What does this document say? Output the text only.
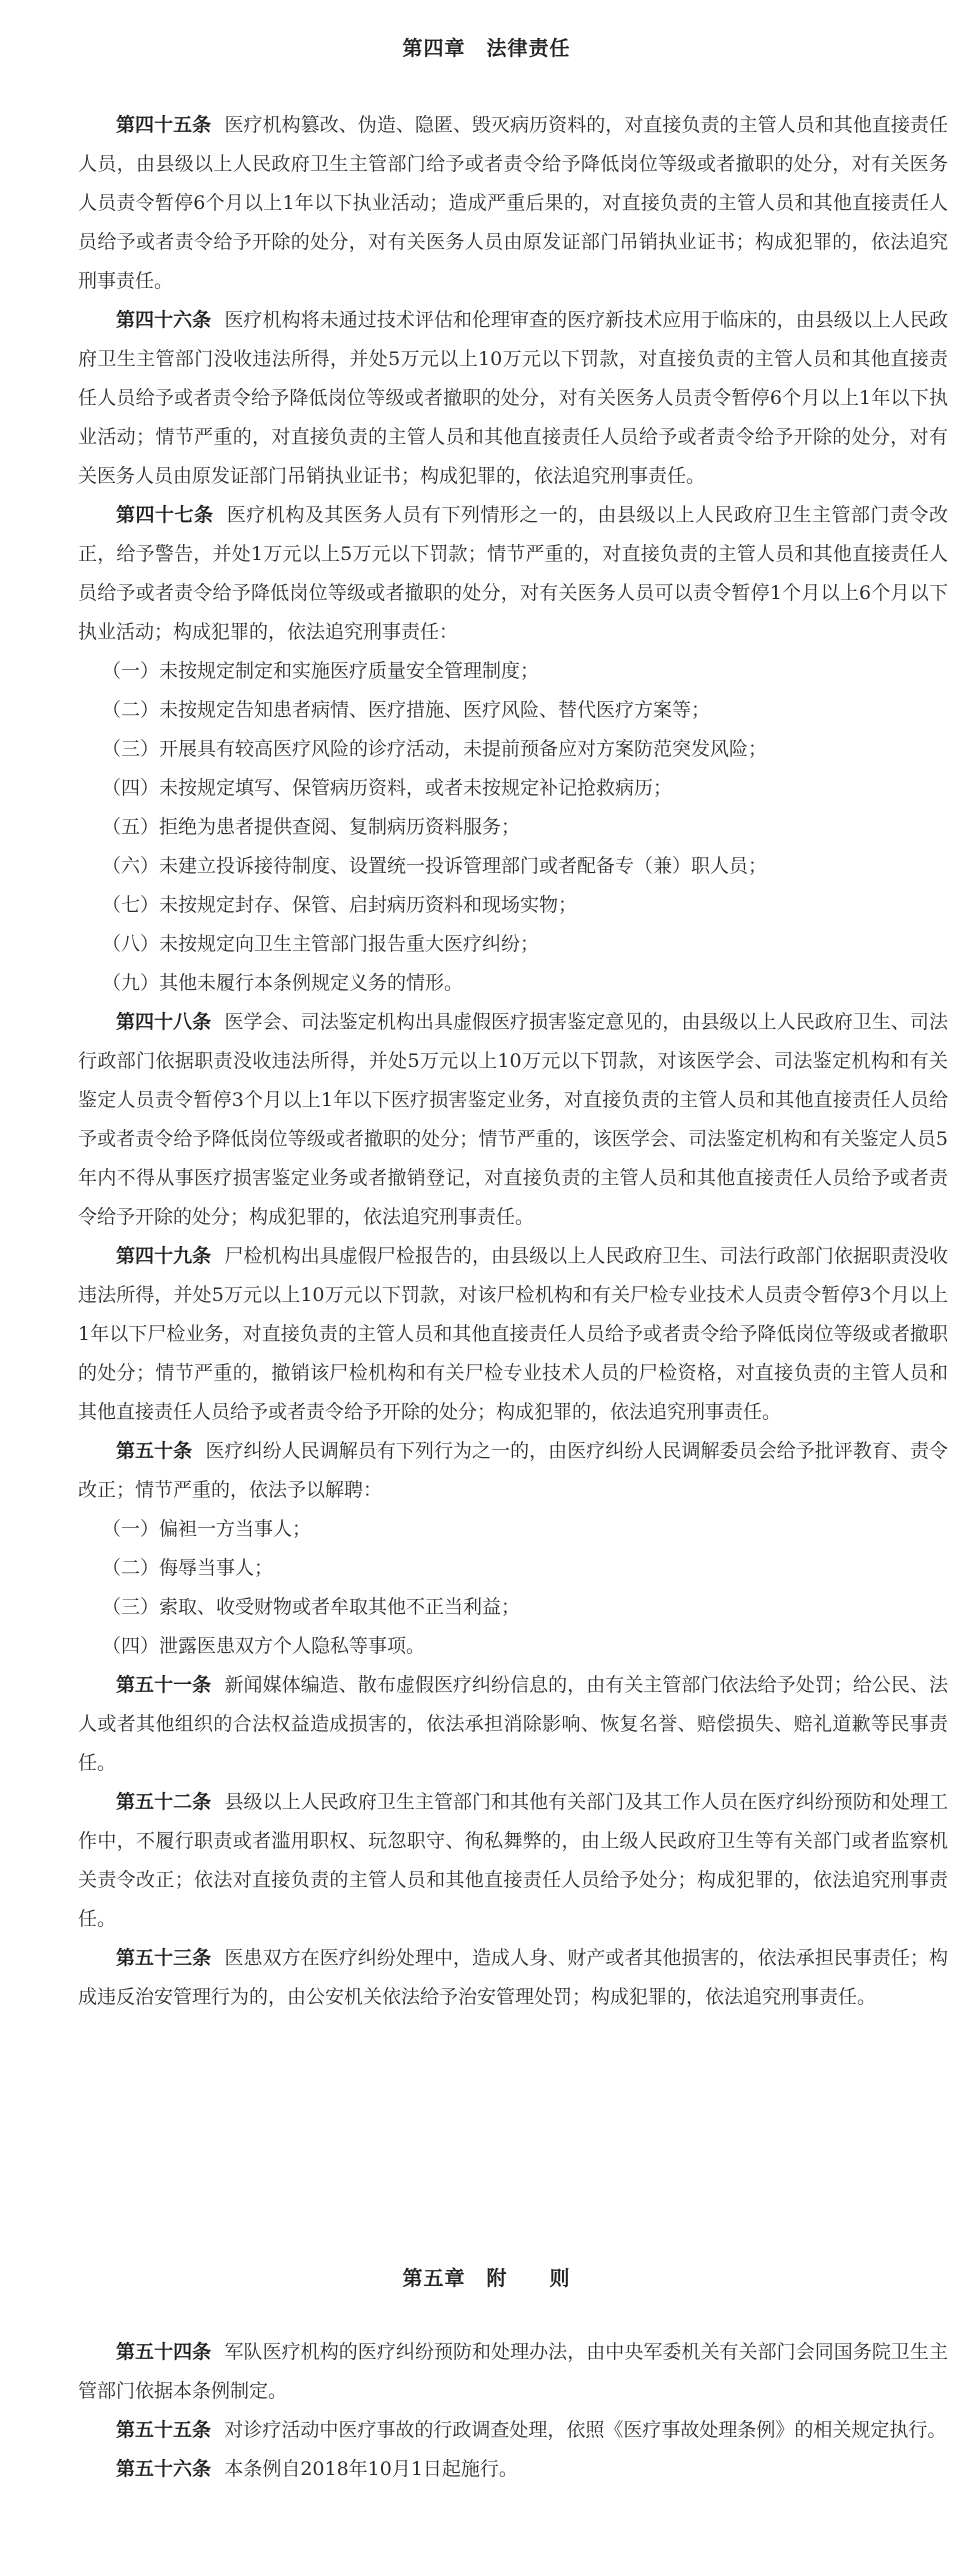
第四章　法律责任

第四十五条 医疗机构篡改、伪造、隐匿、毁灭病历资料的，对直接负责的主管人员和其他直接责任人员，由县级以上人民政府卫生主管部门给予或者责令给予降低岗位等级或者撤职的处分，对有关医务人员责令暂停6个月以上1年以下执业活动；造成严重后果的，对直接负责的主管人员和其他直接责任人员给予或者责令给予开除的处分，对有关医务人员由原发证部门吊销执业证书；构成犯罪的，依法追究刑事责任。

第四十六条 医疗机构将未通过技术评估和伦理审查的医疗新技术应用于临床的，由县级以上人民政府卫生主管部门没收违法所得，并处5万元以上10万元以下罚款，对直接负责的主管人员和其他直接责任人员给予或者责令给予降低岗位等级或者撤职的处分，对有关医务人员责令暂停6个月以上1年以下执业活动；情节严重的，对直接负责的主管人员和其他直接责任人员给予或者责令给予开除的处分，对有关医务人员由原发证部门吊销执业证书；构成犯罪的，依法追究刑事责任。

第四十七条 医疗机构及其医务人员有下列情形之一的，由县级以上人民政府卫生主管部门责令改正，给予警告，并处1万元以上5万元以下罚款；情节严重的，对直接负责的主管人员和其他直接责任人员给予或者责令给予降低岗位等级或者撤职的处分，对有关医务人员可以责令暂停1个月以上6个月以下执业活动；构成犯罪的，依法追究刑事责任：

（一）未按规定制定和实施医疗质量安全管理制度；

（二）未按规定告知患者病情、医疗措施、医疗风险、替代医疗方案等；

（三）开展具有较高医疗风险的诊疗活动，未提前预备应对方案防范突发风险；

（四）未按规定填写、保管病历资料，或者未按规定补记抢救病历；

（五）拒绝为患者提供查阅、复制病历资料服务；

（六）未建立投诉接待制度、设置统一投诉管理部门或者配备专（兼）职人员；

（七）未按规定封存、保管、启封病历资料和现场实物；

（八）未按规定向卫生主管部门报告重大医疗纠纷；

（九）其他未履行本条例规定义务的情形。

第四十八条 医学会、司法鉴定机构出具虚假医疗损害鉴定意见的，由县级以上人民政府卫生、司法行政部门依据职责没收违法所得，并处5万元以上10万元以下罚款，对该医学会、司法鉴定机构和有关鉴定人员责令暂停3个月以上1年以下医疗损害鉴定业务，对直接负责的主管人员和其他直接责任人员给予或者责令给予降低岗位等级或者撤职的处分；情节严重的，该医学会、司法鉴定机构和有关鉴定人员5年内不得从事医疗损害鉴定业务或者撤销登记，对直接负责的主管人员和其他直接责任人员给予或者责令给予开除的处分；构成犯罪的，依法追究刑事责任。

第四十九条 尸检机构出具虚假尸检报告的，由县级以上人民政府卫生、司法行政部门依据职责没收违法所得，并处5万元以上10万元以下罚款，对该尸检机构和有关尸检专业技术人员责令暂停3个月以上1年以下尸检业务，对直接负责的主管人员和其他直接责任人员给予或者责令给予降低岗位等级或者撤职的处分；情节严重的，撤销该尸检机构和有关尸检专业技术人员的尸检资格，对直接负责的主管人员和其他直接责任人员给予或者责令给予开除的处分；构成犯罪的，依法追究刑事责任。

第五十条 医疗纠纷人民调解员有下列行为之一的，由医疗纠纷人民调解委员会给予批评教育、责令改正；情节严重的，依法予以解聘：

（一）偏袒一方当事人；

（二）侮辱当事人；

（三）索取、收受财物或者牟取其他不正当利益；

（四）泄露医患双方个人隐私等事项。

第五十一条 新闻媒体编造、散布虚假医疗纠纷信息的，由有关主管部门依法给予处罚；给公民、法人或者其他组织的合法权益造成损害的，依法承担消除影响、恢复名誉、赔偿损失、赔礼道歉等民事责任。

第五十二条 县级以上人民政府卫生主管部门和其他有关部门及其工作人员在医疗纠纷预防和处理工作中，不履行职责或者滥用职权、玩忽职守、徇私舞弊的，由上级人民政府卫生等有关部门或者监察机关责令改正；依法对直接负责的主管人员和其他直接责任人员给予处分；构成犯罪的，依法追究刑事责任。

第五十三条 医患双方在医疗纠纷处理中，造成人身、财产或者其他损害的，依法承担民事责任；构成违反治安管理行为的，由公安机关依法给予治安管理处罚；构成犯罪的，依法追究刑事责任。

第五章　附　　则

第五十四条 军队医疗机构的医疗纠纷预防和处理办法，由中央军委机关有关部门会同国务院卫生主管部门依据本条例制定。

第五十五条 对诊疗活动中医疗事故的行政调查处理，依照《医疗事故处理条例》的相关规定执行。

第五十六条 本条例自2018年10月1日起施行。
